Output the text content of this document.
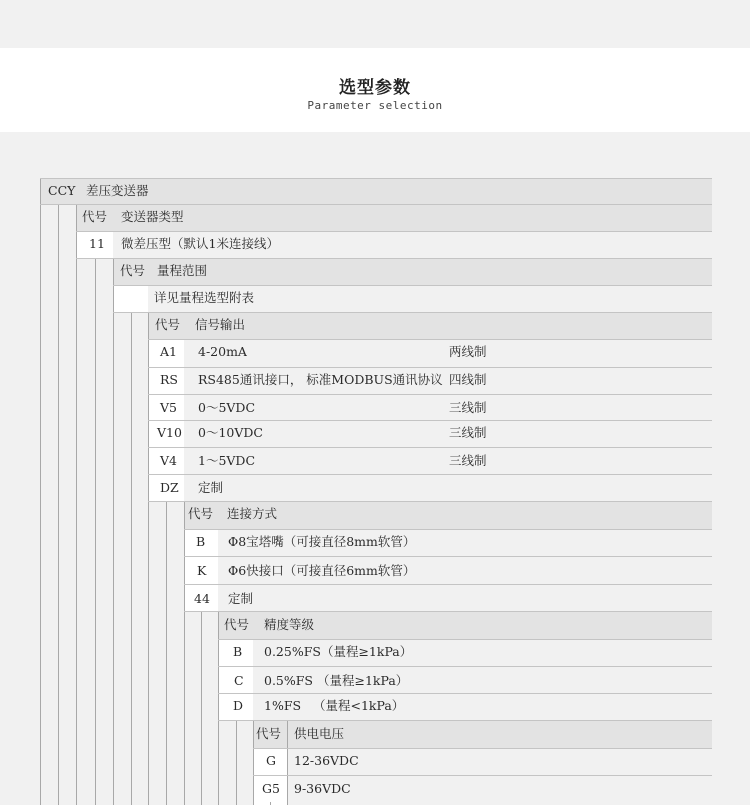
选型参数
Parameter selection
CCY 差压变送器
代号 变送器类型
11 微差压型（默认1米连接线）
代号 量程范围
详见量程选型附表
代号 信号输出
A1 4-20mA	两线制
RS RS485通讯接口， 标准MODBUS通讯协议 四线制
V5 0～5VDC	三线制
V10 0～10VDC	三线制
V4 1～5VDC	三线制
DZ 定制
代号 连接方式
B Φ8宝塔嘴（可接直径8mm软管）
K Φ6快接口（可接直径6mm软管）
44 定制
代号 精度等级
B 0.25%FS（量程≥1kPa）
C 0.5%FS （量程≥1kPa）
D 1%FS   （量程<1kPa）
代号 供电电压
G 12-36VDC
G5 9-36VDC
